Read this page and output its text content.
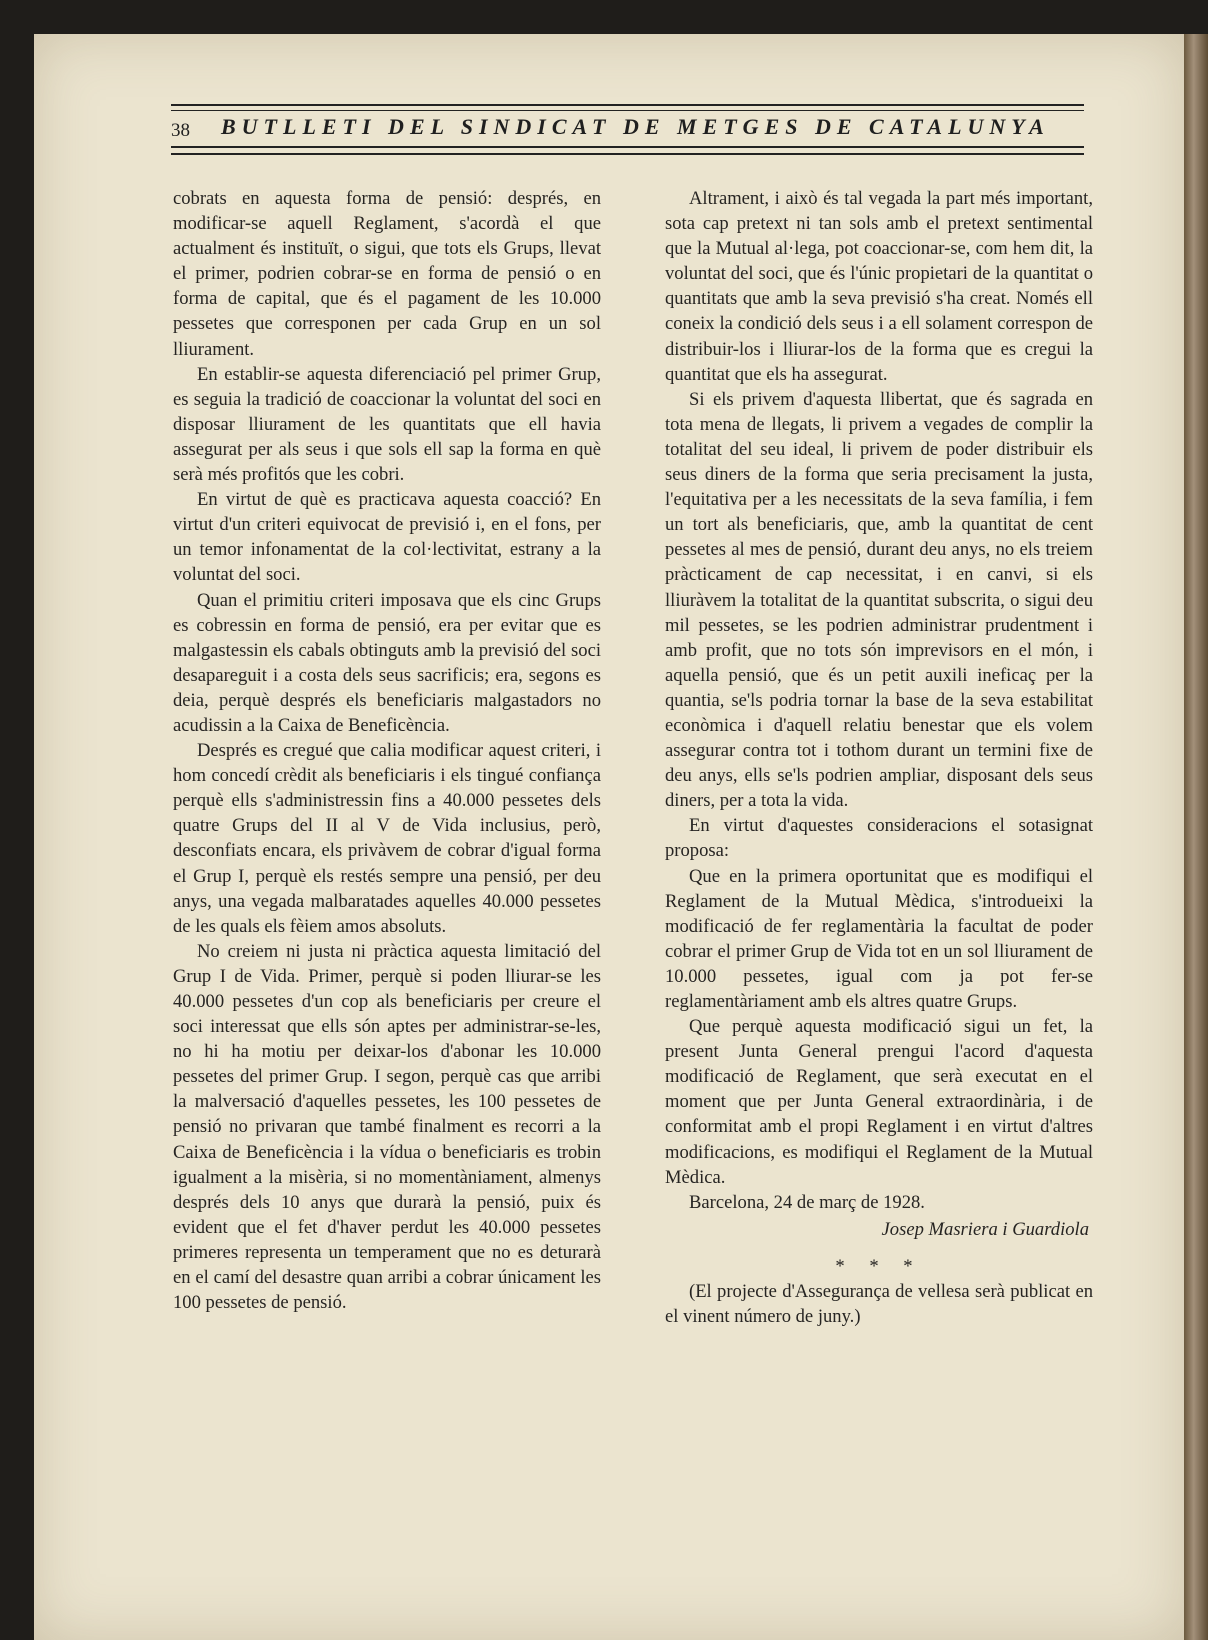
38 BUTLLETI DEL SINDICAT DE METGES DE CATALUNYA

cobrats en aquesta forma de pensió: després, en modificar-se aquell Reglament, s'acordà el que actualment és instituït, o sigui, que tots els Grups, llevat el primer, podrien cobrar-se en forma de pensió o en forma de capital, que és el pagament de les 10.000 pessetes que corresponen per cada Grup en un sol lliurament.

En establir-se aquesta diferenciació pel primer Grup, es seguia la tradició de coaccionar la voluntat del soci en disposar lliurament de les quantitats que ell havia assegurat per als seus i que sols ell sap la forma en què serà més profitós que les cobri.

En virtut de què es practicava aquesta coacció? En virtut d'un criteri equivocat de previsió i, en el fons, per un temor infonamentat de la col·lectivitat, estrany a la voluntat del soci.

Quan el primitiu criteri imposava que els cinc Grups es cobressin en forma de pensió, era per evitar que es malgastessin els cabals obtinguts amb la previsió del soci desapareguit i a costa dels seus sacrificis; era, segons es deia, perquè després els beneficiaris malgastadors no acudissin a la Caixa de Beneficència.

Després es cregué que calia modificar aquest criteri, i hom concedí crèdit als beneficiaris i els tingué confiança perquè ells s'administressin fins a 40.000 pessetes dels quatre Grups del II al V de Vida inclusius, però, desconfiats encara, els privàvem de cobrar d'igual forma el Grup I, perquè els restés sempre una pensió, per deu anys, una vegada malbaratades aquelles 40.000 pessetes de les quals els fèiem amos absoluts.

No creiem ni justa ni pràctica aquesta limitació del Grup I de Vida. Primer, perquè si poden lliurar-se les 40.000 pessetes d'un cop als beneficiaris per creure el soci interessat que ells són aptes per administrar-se-les, no hi ha motiu per deixar-los d'abonar les 10.000 pessetes del primer Grup. I segon, perquè cas que arribi la malversació d'aquelles pessetes, les 100 pessetes de pensió no privaran que també finalment es recorri a la Caixa de Beneficència i la vídua o beneficiaris es trobin igualment a la misèria, si no momentàniament, almenys després dels 10 anys que durarà la pensió, puix és evident que el fet d'haver perdut les 40.000 pessetes primeres representa un temperament que no es deturarà en el camí del desastre quan arribi a cobrar únicament les 100 pessetes de pensió.

Altrament, i això és tal vegada la part més important, sota cap pretext ni tan sols amb el pretext sentimental que la Mutual al·lega, pot coaccionar-se, com hem dit, la voluntat del soci, que és l'únic propietari de la quantitat o quantitats que amb la seva previsió s'ha creat. Només ell coneix la condició dels seus i a ell solament correspon de distribuir-los i lliurar-los de la forma que es cregui la quantitat que els ha assegurat.

Si els privem d'aquesta llibertat, que és sagrada en tota mena de llegats, li privem a vegades de complir la totalitat del seu ideal, li privem de poder distribuir els seus diners de la forma que seria precisament la justa, l'equitativa per a les necessitats de la seva família, i fem un tort als beneficiaris, que, amb la quantitat de cent pessetes al mes de pensió, durant deu anys, no els treiem pràcticament de cap necessitat, i en canvi, si els lliuràvem la totalitat de la quantitat subscrita, o sigui deu mil pessetes, se les podrien administrar prudentment i amb profit, que no tots són imprevisors en el món, i aquella pensió, que és un petit auxili ineficaç per la quantia, se'ls podria tornar la base de la seva estabilitat econòmica i d'aquell relatiu benestar que els volem assegurar contra tot i tothom durant un termini fixe de deu anys, ells se'ls podrien ampliar, disposant dels seus diners, per a tota la vida.

En virtut d'aquestes consideracions el sotasignat proposa:

Que en la primera oportunitat que es modifiqui el Reglament de la Mutual Mèdica, s'introdueixi la modificació de fer reglamentària la facultat de poder cobrar el primer Grup de Vida tot en un sol lliurament de 10.000 pessetes, igual com ja pot fer-se reglamentàriament amb els altres quatre Grups.

Que perquè aquesta modificació sigui un fet, la present Junta General prengui l'acord d'aquesta modificació de Reglament, que serà executat en el moment que per Junta General extraordinària, i de conformitat amb el propi Reglament i en virtut d'altres modificacions, es modifiqui el Reglament de la Mutual Mèdica.

Barcelona, 24 de març de 1928.

Josep Masriera i Guardiola
* * *

(El projecte d'Assegurança de vellesa serà publicat en el vinent número de juny.)
